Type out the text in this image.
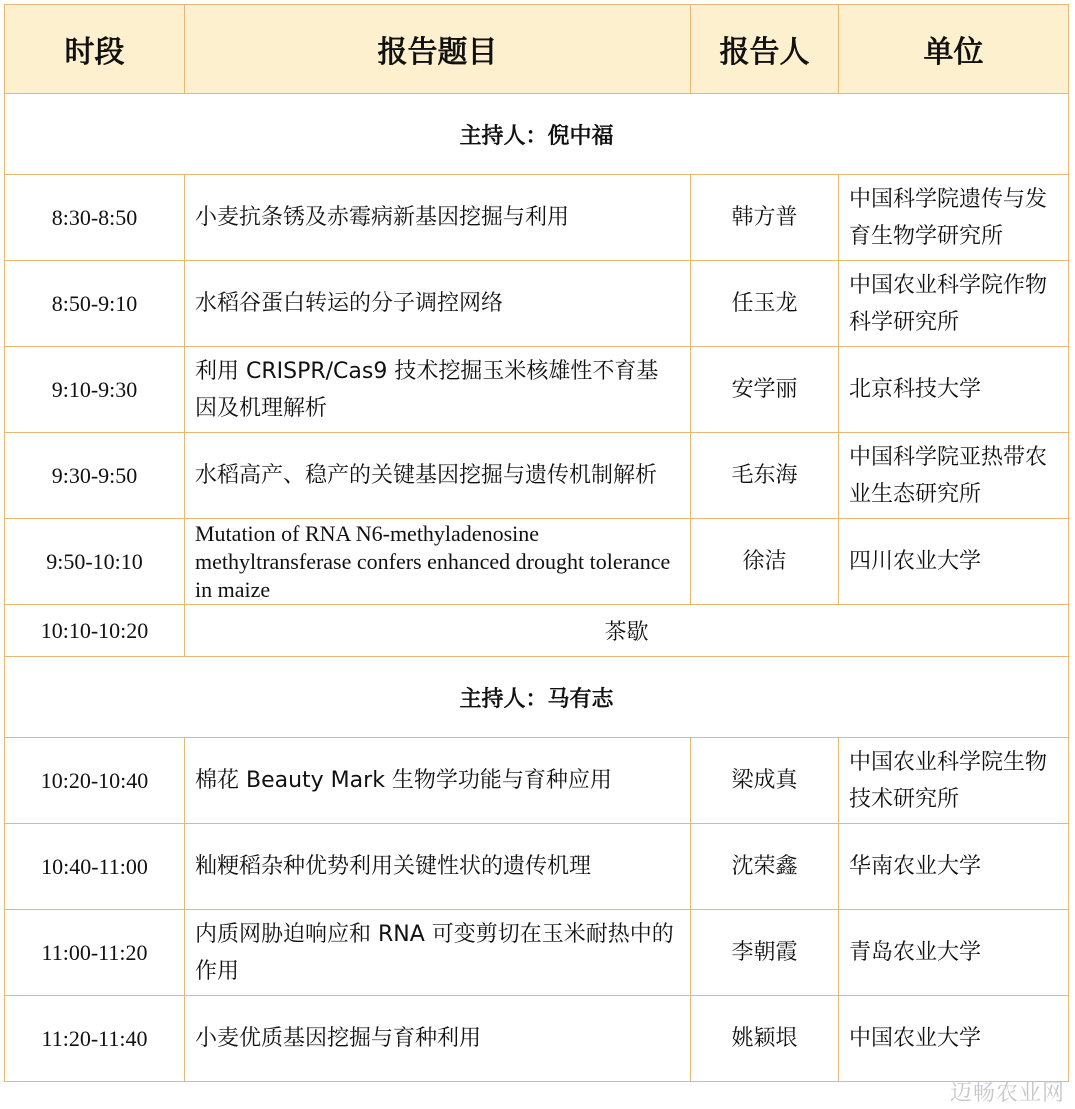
时段	报告题目	报告人	单位
主持人：倪中福			
8:30-8:50	小麦抗条锈及赤霉病新基因挖掘与利用	韩方普	中国科学院遗传与发育生物学研究所
8:50-9:10	水稻谷蛋白转运的分子调控网络	任玉龙	中国农业科学院作物科学研究所
9:10-9:30	利用 CRISPR/Cas9 技术挖掘玉米核雄性不育基因及机理解析	安学丽	北京科技大学
9:30-9:50	水稻高产、稳产的关键基因挖掘与遗传机制解析	毛东海	中国科学院亚热带农业生态研究所
9:50-10:10	Mutation of RNA N6-methyladenosine methyltransferase confers enhanced drought tolerance in maize	徐洁	四川农业大学
10:10-10:20	茶歇		
主持人：马有志			
10:20-10:40	棉花 Beauty Mark 生物学功能与育种应用	梁成真	中国农业科学院生物技术研究所
10:40-11:00	籼粳稻杂种优势利用关键性状的遗传机理	沈荣鑫	华南农业大学
11:00-11:20	内质网胁迫响应和 RNA 可变剪切在玉米耐热中的作用	李朝霞	青岛农业大学
11:20-11:40	小麦优质基因挖掘与育种利用	姚颖垠	中国农业大学
迈畅农业网
